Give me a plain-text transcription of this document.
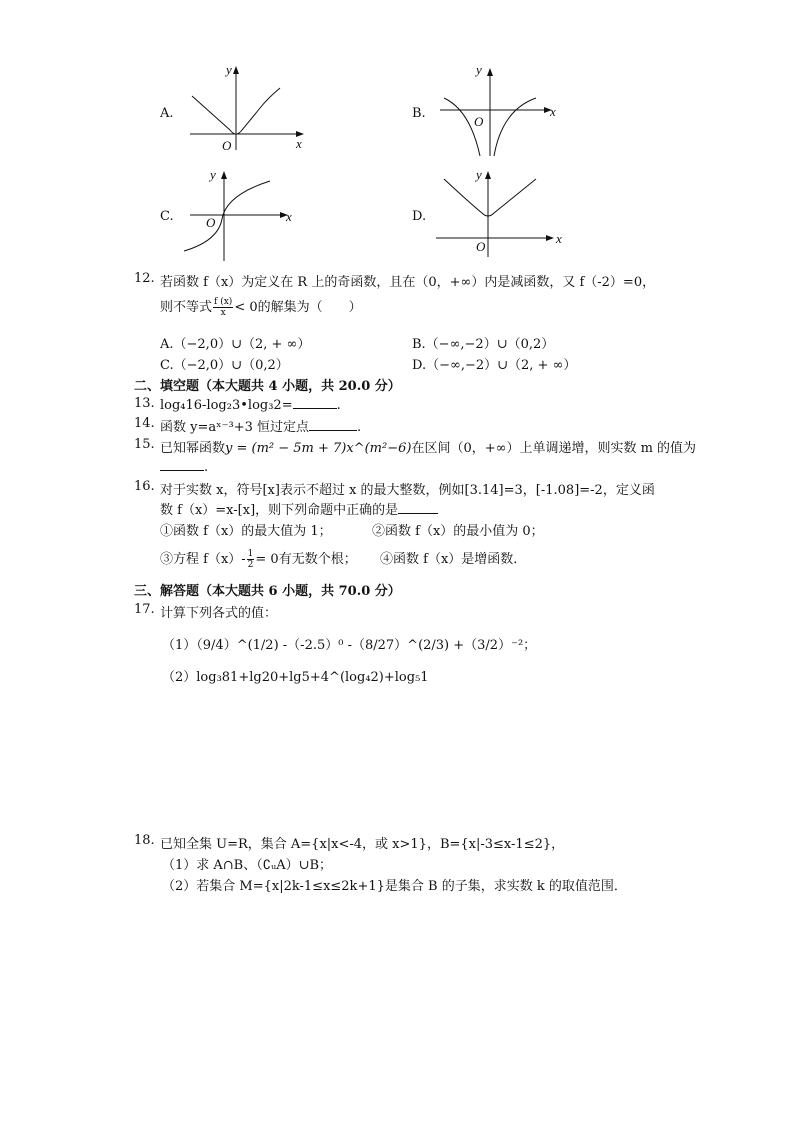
A.
y
x
O
B.
y
x
O
C.
y
x
O	D.
y
x
O
12. 若函数 f（x）为定义在 R 上的奇函数，且在（0，+∞）内是减函数，又 f（-2）=0，
则不等式 $\frac{f (x)}{x} < 0$的解集为（　　）
A.（−2,0）∪（2, + ∞）	B.（−∞,−2）∪（0,2）
C.（−2,0）∪（0,2）	D.（−∞,−2）∪（2, + ∞）
二、填空题（本大题共 4 小题，共 20.0 分）
13. log₄16-log₂3•log₃2=	.
14. 函数 y=aˣ⁻³+3 恒过定点	.
15. 已知幂函数y = (m² − 5m + 7)x^(m²−6)在区间（0，+∞）上单调递增，则实数 m 的值为
.
16. 对于实数 x，符号[x]表示不超过 x 的最大整数，例如[3.14]=3，[-1.08]=-2，定义函
数 f（x）=x-[x]，则下列命题中正确的是
①函数 f（x）的最大值为 1；	②函数 f（x）的最小值为 0；
③方程 $f(x)- \frac{1}{2} = 0$有无数个根； ④函数 f（x）是增函数．
三、解答题（本大题共 6 小题，共 70.0 分）
17. 计算下列各式的值：
（1）（9/4）^(1/2) -（-2.5）⁰ -（8/27）^(2/3) +（3/2）⁻²；
（2）log₃81+lg20+lg5+4^(log₄2)+log₅1
18. 已知全集 U=R，集合 A={x|x<-4，或 x>1}，B={x|-3≤x-1≤2}，
（1）求 A∩B、（∁ᵤA）∪B；
（2）若集合 M={x|2k-1≤x≤2k+1}是集合 B 的子集，求实数 k 的取值范围．
